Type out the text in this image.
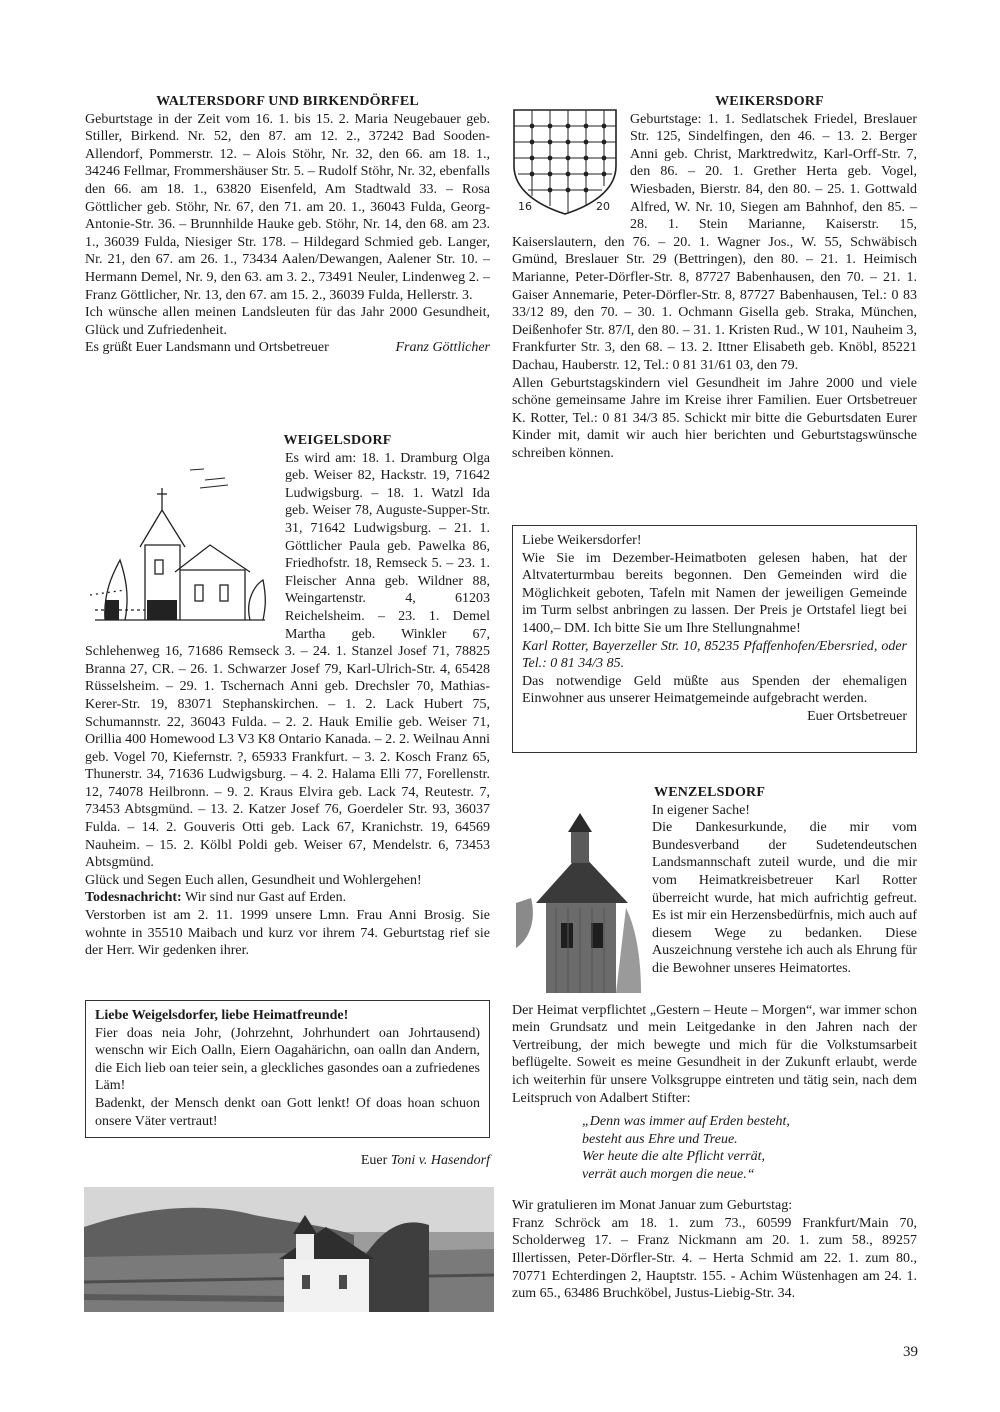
WALTERSDORF UND BIRKENDÖRFEL

Geburtstage in der Zeit vom 16. 1. bis 15. 2. Maria Neugebauer geb. Stiller, Birkend. Nr. 52, den 87. am 12. 2., 37242 Bad Sooden-Allendorf, Pommerstr. 12. – Alois Stöhr, Nr. 32, den 66. am 18. 1., 34246 Fellmar, Frommershäuser Str. 5. – Rudolf Stöhr, Nr. 32, ebenfalls den 66. am 18. 1., 63820 Eisenfeld, Am Stadtwald 33. – Rosa Göttlicher geb. Stöhr, Nr. 67, den 71. am 20. 1., 36043 Fulda, Georg-Antonie-Str. 36. – Brunnhilde Hauke geb. Stöhr, Nr. 14, den 68. am 23. 1., 36039 Fulda, Niesiger Str. 178. – Hildegard Schmied geb. Langer, Nr. 21, den 67. am 26. 1., 73434 Aalen/Dewangen, Aalener Str. 10. – Hermann Demel, Nr. 9, den 63. am 3. 2., 73491 Neuler, Lindenweg 2. – Franz Göttlicher, Nr. 13, den 67. am 15. 2., 36039 Fulda, Hellerstr. 3.

Ich wünsche allen meinen Landsleuten für das Jahr 2000 Gesundheit, Glück und Zufriedenheit.

Es grüßt Euer Landsmann und Ortsbetreuer	Franz Göttlicher
WEIGELSDORF

Es wird am: 18. 1. Dramburg Olga geb. Weiser 82, Hackstr. 19, 71642 Ludwigsburg. – 18. 1. Watzl Ida geb. Weiser 78, Auguste-Supper-Str. 31, 71642 Ludwigsburg. – 21. 1. Göttlicher Paula geb. Pawelka 86, Friedhofstr. 18, Remseck 5. – 23. 1. Fleischer Anna geb. Wildner 88, Weingartenstr. 4, 61203 Reichelsheim. – 23. 1. Demel Martha geb. Winkler 67, Schlehenweg 16, 71686 Remseck 3. – 24. 1. Stanzel Josef 71, 78825 Branna 27, CR. – 26. 1. Schwarzer Josef 79, Karl-Ulrich-Str. 4, 65428 Rüsselsheim. – 29. 1. Tschernach Anni geb. Drechsler 70, Mathias-Kerer-Str. 19, 83071 Stephanskirchen. – 1. 2. Lack Hubert 75, Schumannstr. 22, 36043 Fulda. – 2. 2. Hauk Emilie geb. Weiser 71, Orillia 400 Homewood L3 V3 K8 Ontario Kanada. – 2. 2. Weilnau Anni geb. Vogel 70, Kiefernstr. ?, 65933 Frankfurt. – 3. 2. Kosch Franz 65, Thunerstr. 34, 71636 Ludwigsburg. – 4. 2. Halama Elli 77, Forellenstr. 12, 74078 Heilbronn. – 9. 2. Kraus Elvira geb. Lack 74, Reutestr. 7, 73453 Abtsgmünd. – 13. 2. Katzer Josef 76, Goerdeler Str. 93, 36037 Fulda. – 14. 2. Gouveris Otti geb. Lack 67, Kranichstr. 19, 64569 Nauheim. – 15. 2. Kölbl Poldi geb. Weiser 67, Mendelstr. 6, 73453 Abtsgmünd.

Glück und Segen Euch allen, Gesundheit und Wohlergehen!

Todesnachricht: Wir sind nur Gast auf Erden.

Verstorben ist am 2. 11. 1999 unsere Lmn. Frau Anni Brosig. Sie wohnte in 35510 Maibach und kurz vor ihrem 74. Geburtstag rief sie der Herr. Wir gedenken ihrer.

Liebe Weigelsdorfer, liebe Heimatfreunde!

Fier doas neia Johr, (Johrzehnt, Johrhundert oan Johrtausend) wenschn wir Eich Oalln, Eiern Oagahärichn, oan oalln dan Andern, die Eich lieb oan teier sein, a gleckliches gasondes oan a zufriedenes Läm!

Badenkt, der Mensch denkt oan Gott lenkt! Of doas hoan schuon onsere Väter vertraut!

Euer Toni v. Hasendorf
16	20
WEIKERSDORF

Geburtstage: 1. 1. Sedlatschek Friedel, Breslauer Str. 125, Sindelfingen, den 46. – 13. 2. Berger Anni geb. Christ, Marktredwitz, Karl-Orff-Str. 7, den 86. – 20. 1. Grether Herta geb. Vogel, Wiesbaden, Bierstr. 84, den 80. – 25. 1. Gottwald Alfred, W. Nr. 10, Siegen am Bahnhof, den 85. – 28. 1. Stein Marianne, Kaiserstr. 15, Kaiserslautern, den 76. – 20. 1. Wagner Jos., W. 55, Schwäbisch Gmünd, Breslauer Str. 29 (Bettringen), den 80. – 21. 1. Heimisch Marianne, Peter-Dörfler-Str. 8, 87727 Babenhausen, den 70. – 21. 1. Gaiser Annemarie, Peter-Dörfler-Str. 8, 87727 Babenhausen, Tel.: 0 83 33/12 89, den 70. – 30. 1. Ochmann Gisella geb. Straka, München, Deißenhofer Str. 87/I, den 80. – 31. 1. Kristen Rud., W 101, Nauheim 3, Frankfurter Str. 3, den 68. – 13. 2. Ittner Elisabeth geb. Knöbl, 85221 Dachau, Hauberstr. 12, Tel.: 0 81 31/61 03, den 79.

Allen Geburtstagskindern viel Gesundheit im Jahre 2000 und viele schöne gemeinsame Jahre im Kreise ihrer Familien. Euer Ortsbetreuer K. Rotter, Tel.: 0 81 34/3 85. Schickt mir bitte die Geburtsdaten Eurer Kinder mit, damit wir auch hier berichten und Geburtstagswünsche schreiben können.

Liebe Weikersdorfer!

Wie Sie im Dezember-Heimatboten gelesen haben, hat der Altvaterturmbau bereits begonnen. Den Gemeinden wird die Möglichkeit geboten, Tafeln mit Namen der jeweiligen Gemeinde im Turm selbst anbringen zu lassen. Der Preis je Ortstafel liegt bei 1400,– DM. Ich bitte Sie um Ihre Stellungnahme!

Karl Rotter, Bayerzeller Str. 10, 85235 Pfaffenhofen/Ebersried, oder Tel.: 0 81 34/3 85.

Das notwendige Geld müßte aus Spenden der ehemaligen Einwohner aus unserer Heimatgemeinde aufgebracht werden.

Euer Ortsbetreuer

WENZELSDORF

In eigener Sache!

Die Dankesurkunde, die mir vom Bundesverband der Sudetendeutschen Landsmannschaft zuteil wurde, und die mir vom Heimatkreisbetreuer Karl Rotter überreicht wurde, hat mich aufrichtig gefreut. Es ist mir ein Herzensbedürfnis, mich auch auf diesem Wege zu bedanken. Diese Auszeichnung verstehe ich auch als Ehrung für die Bewohner unseres Heimatortes.

Der Heimat verpflichtet „Gestern – Heute – Morgen“, war immer schon mein Grundsatz und mein Leitgedanke in den Jahren nach der Vertreibung, der mich bewegte und mich für die Volkstumsarbeit beflügelte. Soweit es meine Gesundheit in der Zukunft erlaubt, werde ich weiterhin für unsere Volksgruppe eintreten und tätig sein, nach dem Leitspruch von Adalbert Stifter:

„Denn was immer auf Erden besteht,
besteht aus Ehre und Treue.
Wer heute die alte Pflicht verrät,
verrät auch morgen die neue.“

Wir gratulieren im Monat Januar zum Geburtstag:

Franz Schröck am 18. 1. zum 73., 60599 Frankfurt/Main 70, Scholderweg 17. – Franz Nickmann am 20. 1. zum 58., 89257 Illertissen, Peter-Dörfler-Str. 4. – Herta Schmid am 22. 1. zum 80., 70771 Echterdingen 2, Hauptstr. 155. - Achim Wüstenhagen am 24. 1. zum 65., 63486 Bruchköbel, Justus-Liebig-Str. 34.

39
